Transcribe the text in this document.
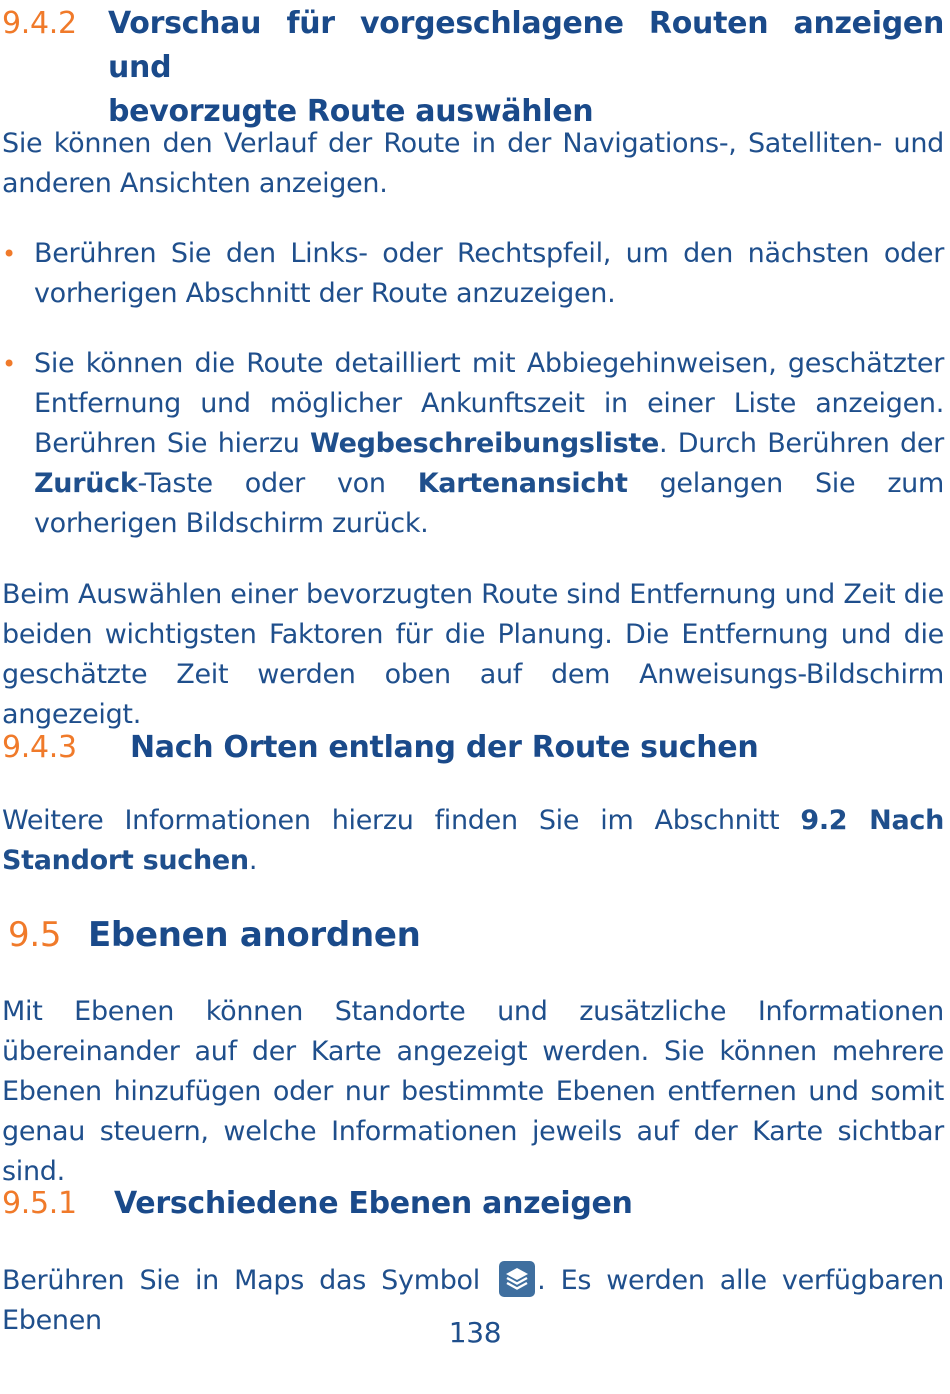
9.4.2	Vorschau für vorgeschlagene Routen anzeigen und
bevorzugte Route auswählen
Sie können den Verlauf der Route in der Navigations-, Satelliten- und anderen Ansichten anzeigen.
• Berühren Sie den Links- oder Rechtspfeil, um den nächsten oder vorherigen Abschnitt der Route anzuzeigen.
• Sie können die Route detailliert mit Abbiegehinweisen, geschätzter Entfernung und möglicher Ankunftszeit in einer Liste anzeigen. Berühren Sie hierzu Wegbeschreibungsliste. Durch Berühren der Zurück-Taste oder von Kartenansicht gelangen Sie zum vorherigen Bildschirm zurück.
Beim Auswählen einer bevorzugten Route sind Entfernung und Zeit die beiden wichtigsten Faktoren für die Planung. Die Entfernung und die geschätzte Zeit werden oben auf dem Anweisungs-Bildschirm angezeigt.
9.4.3	Nach Orten entlang der Route suchen
Weitere Informationen hierzu finden Sie im Abschnitt 9.2 Nach Standort suchen.
9.5 Ebenen anordnen
Mit Ebenen können Standorte und zusätzliche Informationen übereinander auf der Karte angezeigt werden. Sie können mehrere Ebenen hinzufügen oder nur bestimmte Ebenen entfernen und somit genau steuern, welche Informationen jeweils auf der Karte sichtbar sind.
9.5.1	Verschiedene Ebenen anzeigen
Berühren Sie in Maps das Symbol
. Es werden alle verfügbaren Ebenen	138
